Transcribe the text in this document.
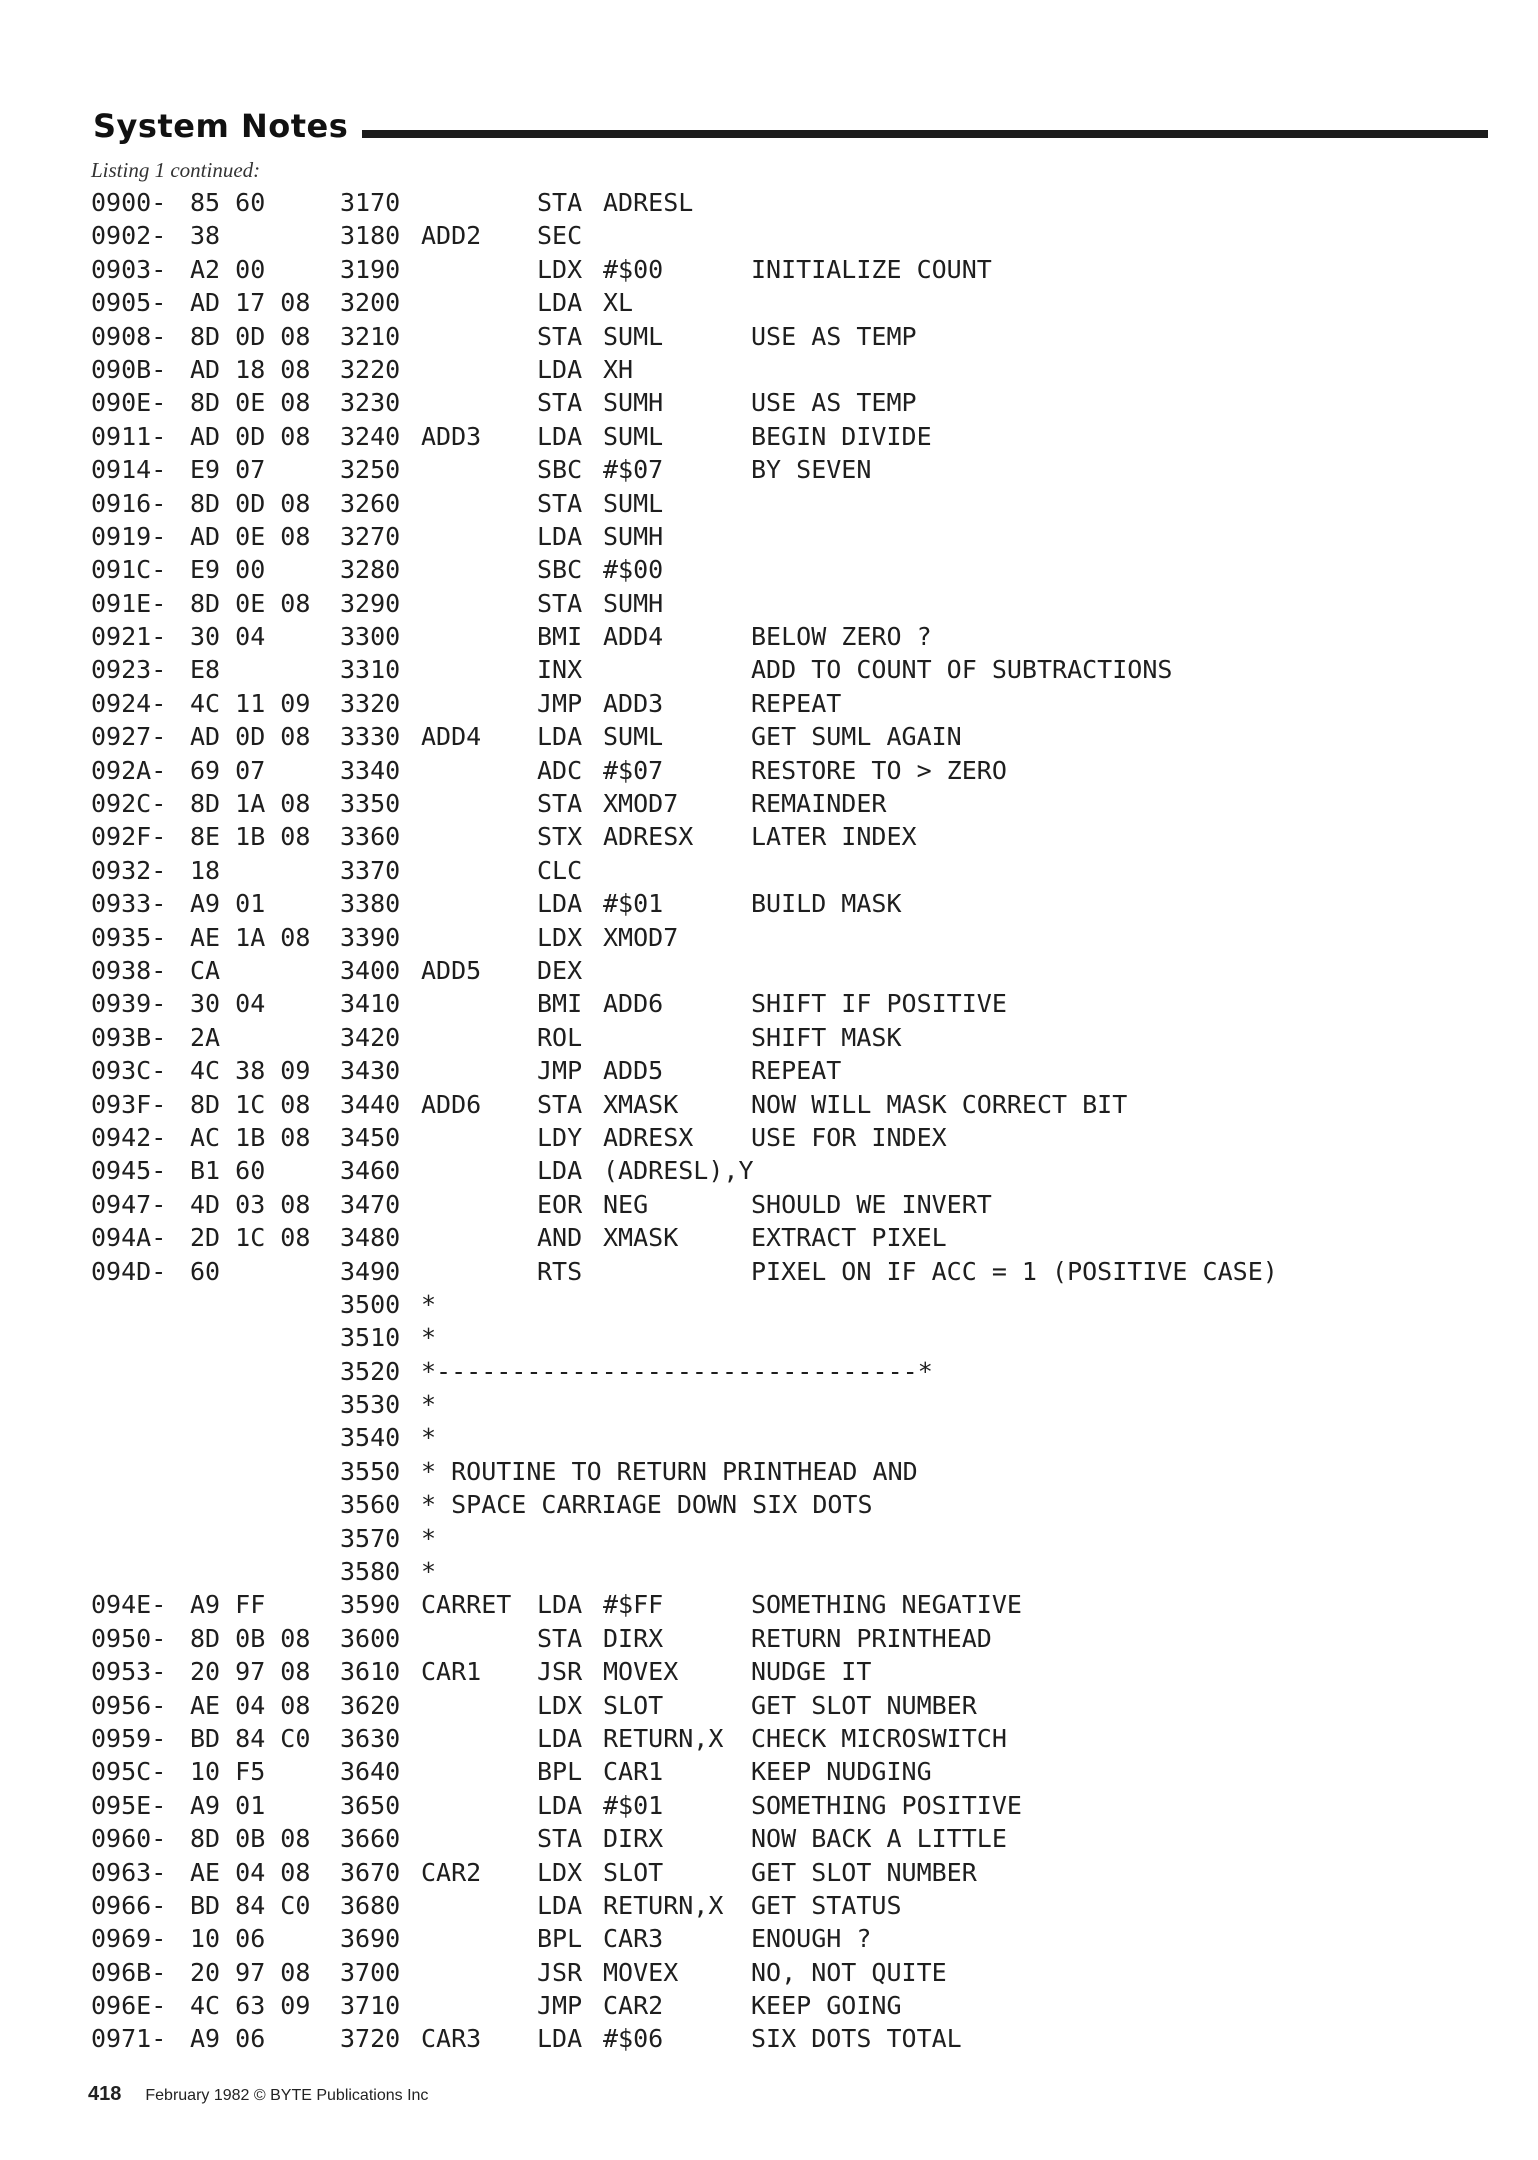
System Notes
Listing 1 continued:
0900- 85 60	3170	STA ADRESL
0902- 38	3180 ADD2 SEC
0903- A2 00	3190	LDX #$00	INITIALIZE COUNT
0905- AD 17 08 3200	LDA XL
0908- 8D 0D 08 3210	STA SUML	USE AS TEMP
090B- AD 18 08 3220	LDA XH
090E- 8D 0E 08 3230	STA SUMH	USE AS TEMP
0911- AD 0D 08 3240 ADD3 LDA SUML	BEGIN DIVIDE
0914- E9 07	3250	SBC #$07	BY SEVEN
0916- 8D 0D 08 3260	STA SUML
0919- AD 0E 08 3270	LDA SUMH
091C- E9 00	3280	SBC #$00
091E- 8D 0E 08 3290	STA SUMH
0921- 30 04	3300	BMI ADD4	BELOW ZERO ?
0923- E8	3310	INX	ADD TO COUNT OF SUBTRACTIONS
0924- 4C 11 09 3320	JMP ADD3	REPEAT
0927- AD 0D 08 3330 ADD4 LDA SUML	GET SUML AGAIN
092A- 69 07	3340	ADC #$07	RESTORE TO > ZERO
092C- 8D 1A 08 3350	STA XMOD7	REMAINDER
092F- 8E 1B 08 3360	STX ADRESX LATER INDEX
0932- 18	3370	CLC
0933- A9 01	3380	LDA #$01	BUILD MASK
0935- AE 1A 08 3390	LDX XMOD7
0938- CA	3400 ADD5 DEX
0939- 30 04	3410	BMI ADD6	SHIFT IF POSITIVE
093B- 2A	3420	ROL	SHIFT MASK
093C- 4C 38 09 3430	JMP ADD5	REPEAT
093F- 8D 1C 08 3440 ADD6 STA XMASK	NOW WILL MASK CORRECT BIT
0942- AC 1B 08 3450	LDY ADRESX USE FOR INDEX
0945- B1 60	3460	LDA (ADRESL),Y
0947- 4D 03 08 3470	EOR NEG	SHOULD WE INVERT
094A- 2D 1C 08 3480	AND XMASK	EXTRACT PIXEL
094D- 60	3490	RTS	PIXEL ON IF ACC = 1 (POSITIVE CASE)
3500 *
3510 *
3520 *--------------------------------*
3530 *
3540 *
3550 * ROUTINE TO RETURN PRINTHEAD AND
3560 * SPACE CARRIAGE DOWN SIX DOTS
3570 *
3580 *
094E- A9 FF	3590 CARRET LDA #$FF	SOMETHING NEGATIVE
0950- 8D 0B 08 3600	STA DIRX	RETURN PRINTHEAD
0953- 20 97 08 3610 CAR1 JSR MOVEX	NUDGE IT
0956- AE 04 08 3620	LDX SLOT	GET SLOT NUMBER
0959- BD 84 C0 3630	LDA RETURN,X CHECK MICROSWITCH
095C- 10 F5	3640	BPL CAR1	KEEP NUDGING
095E- A9 01	3650	LDA #$01	SOMETHING POSITIVE
0960- 8D 0B 08 3660	STA DIRX	NOW BACK A LITTLE
0963- AE 04 08 3670 CAR2 LDX SLOT	GET SLOT NUMBER
0966- BD 84 C0 3680	LDA RETURN,X GET STATUS
0969- 10 06	3690	BPL CAR3	ENOUGH ?
096B- 20 97 08 3700	JSR MOVEX	NO, NOT QUITE
096E- 4C 63 09 3710	JMP CAR2	KEEP GOING
0971- A9 06	3720 CAR3 LDA #$06	SIX DOTS TOTAL
418 February 1982 © BYTE Publications Inc
